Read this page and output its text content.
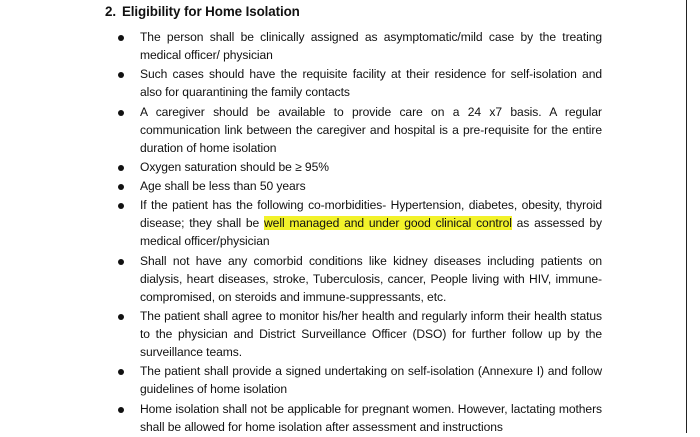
2. Eligibility for Home Isolation
The person shall be clinically assigned as asymptomatic/mild case by the treating medical officer/ physician
Such cases should have the requisite facility at their residence for self-isolation and also for quarantining the family contacts
A caregiver should be available to provide care on a 24 x7 basis. A regular communication link between the caregiver and hospital is a pre-requisite for the entire duration of home isolation
Oxygen saturation should be ≥ 95%
Age shall be less than 50 years
If the patient has the following co-morbidities- Hypertension, diabetes, obesity, thyroid disease; they shall be well managed and under good clinical control as assessed by medical officer/physician
Shall not have any comorbid conditions like kidney diseases including patients on dialysis, heart diseases, stroke, Tuberculosis, cancer, People living with HIV, immune-compromised, on steroids and immune-suppressants, etc.
The patient shall agree to monitor his/her health and regularly inform their health status to the physician and District Surveillance Officer (DSO) for further follow up by the surveillance teams.
The patient shall provide a signed undertaking on self-isolation (Annexure I) and follow guidelines of home isolation
Home isolation shall not be applicable for pregnant women. However, lactating mothers shall be allowed for home isolation after assessment and instructions
